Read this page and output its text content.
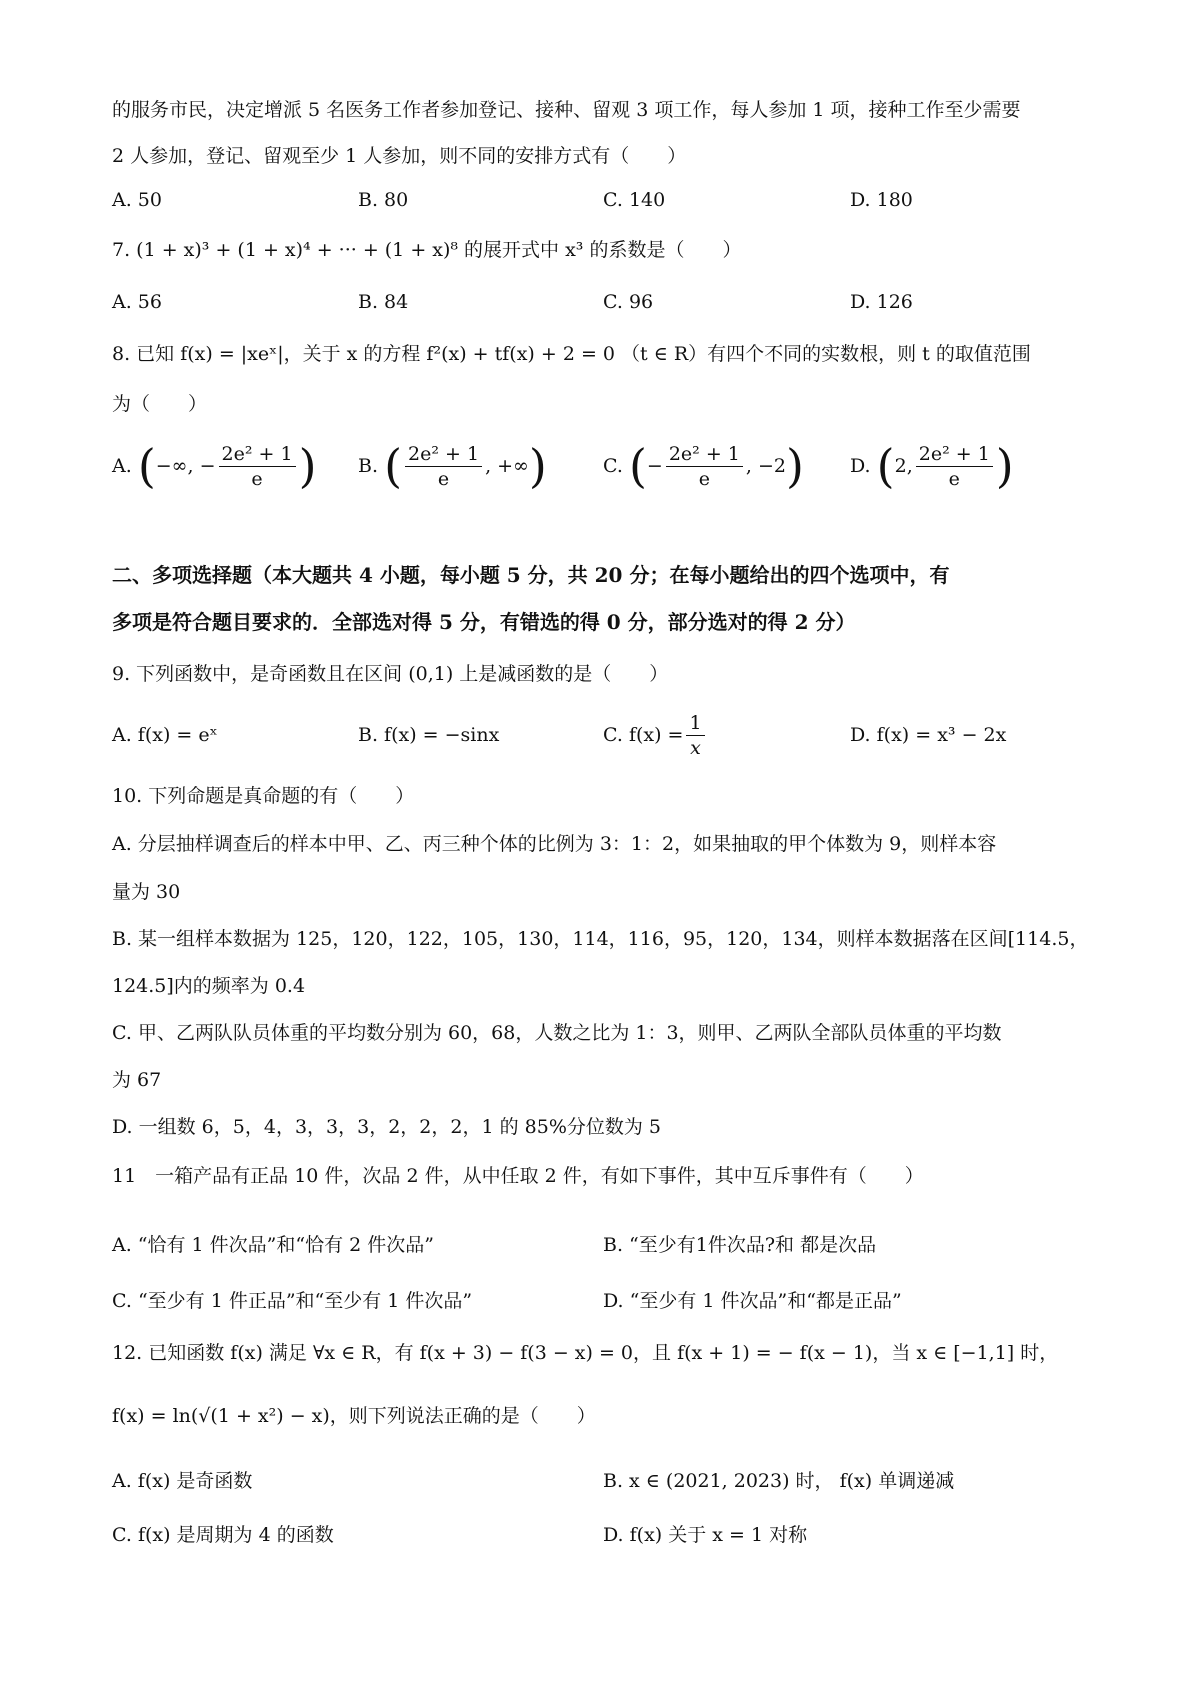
的服务市民，决定增派 5 名医务工作者参加登记、接种、留观 3 项工作，每人参加 1 项，接种工作至少需要
2 人参加，登记、留观至少 1 人参加，则不同的安排方式有（　　）
A. 50	B. 80	C. 140	D. 180
7. (1 + x)³ + (1 + x)⁴ + ··· + (1 + x)⁸ 的展开式中 x³ 的系数是（　　）
A. 56	B. 84	C. 96	D. 126
8. 已知 f(x) = |xeˣ|，关于 x 的方程 f²(x) + tf(x) + 2 = 0 （t ∈ R）有四个不同的实数根，则 t 的取值范围
为（　　）
A.
( −∞, − $\frac{\text{2e² + 1}}{e}$ ) B.
( $\frac{\text{2e² + 1}}{e}$ , +∞ )	C.
( − $\frac{\text{2e² + 1}}{e}$ , −2 ) D.
( 2, $\frac{\text{2e² + 1}}{e}$ )
二、多项选择题（本大题共 4 小题，每小题 5 分，共 20 分；在每小题给出的四个选项中，有
多项是符合题目要求的．全部选对得 5 分，有错选的得 0 分，部分选对的得 2 分）
9. 下列函数中，是奇函数且在区间 (0,1) 上是减函数的是（　　）
A. f(x) = eˣ	B. f(x) = −sinx	C. $f(x) = \frac{1}{x}$	D. f(x) = x³ − 2x
10. 下列命题是真命题的有（　　）
A. 分层抽样调查后的样本中甲、乙、丙三种个体的比例为 3：1：2，如果抽取的甲个体数为 9，则样本容
量为 30
B. 某一组样本数据为 125，120，122，105，130，114，116，95，120，134，则样本数据落在区间[114.5，
124.5]内的频率为 0.4
C. 甲、乙两队队员体重的平均数分别为 60，68，人数之比为 1：3，则甲、乙两队全部队员体重的平均数
为 67
D. 一组数 6，5，4，3，3，3，2，2，2，1 的 85%分位数为 5
11　一箱产品有正品 10 件，次品 2 件，从中任取 2 件，有如下事件，其中互斥事件有（　　）
A. “恰有 1 件次品”和“恰有 2 件次品”	B. “至少有1件次品?和 都是次品
C. “至少有 1 件正品”和“至少有 1 件次品”	D. “至少有 1 件次品”和“都是正品”
12. 已知函数 f(x) 满足 ∀x ∈ R，有 f(x + 3) − f(3 − x) = 0，且 f(x + 1) = − f(x − 1)，当 x ∈ [−1,1] 时，
f(x) = ln(√(1 + x²) − x)，则下列说法正确的是（　　）
A. f(x) 是奇函数	B. x ∈ (2021, 2023) 时， f(x) 单调递减
C. f(x) 是周期为 4 的函数	D. f(x) 关于 x = 1 对称
